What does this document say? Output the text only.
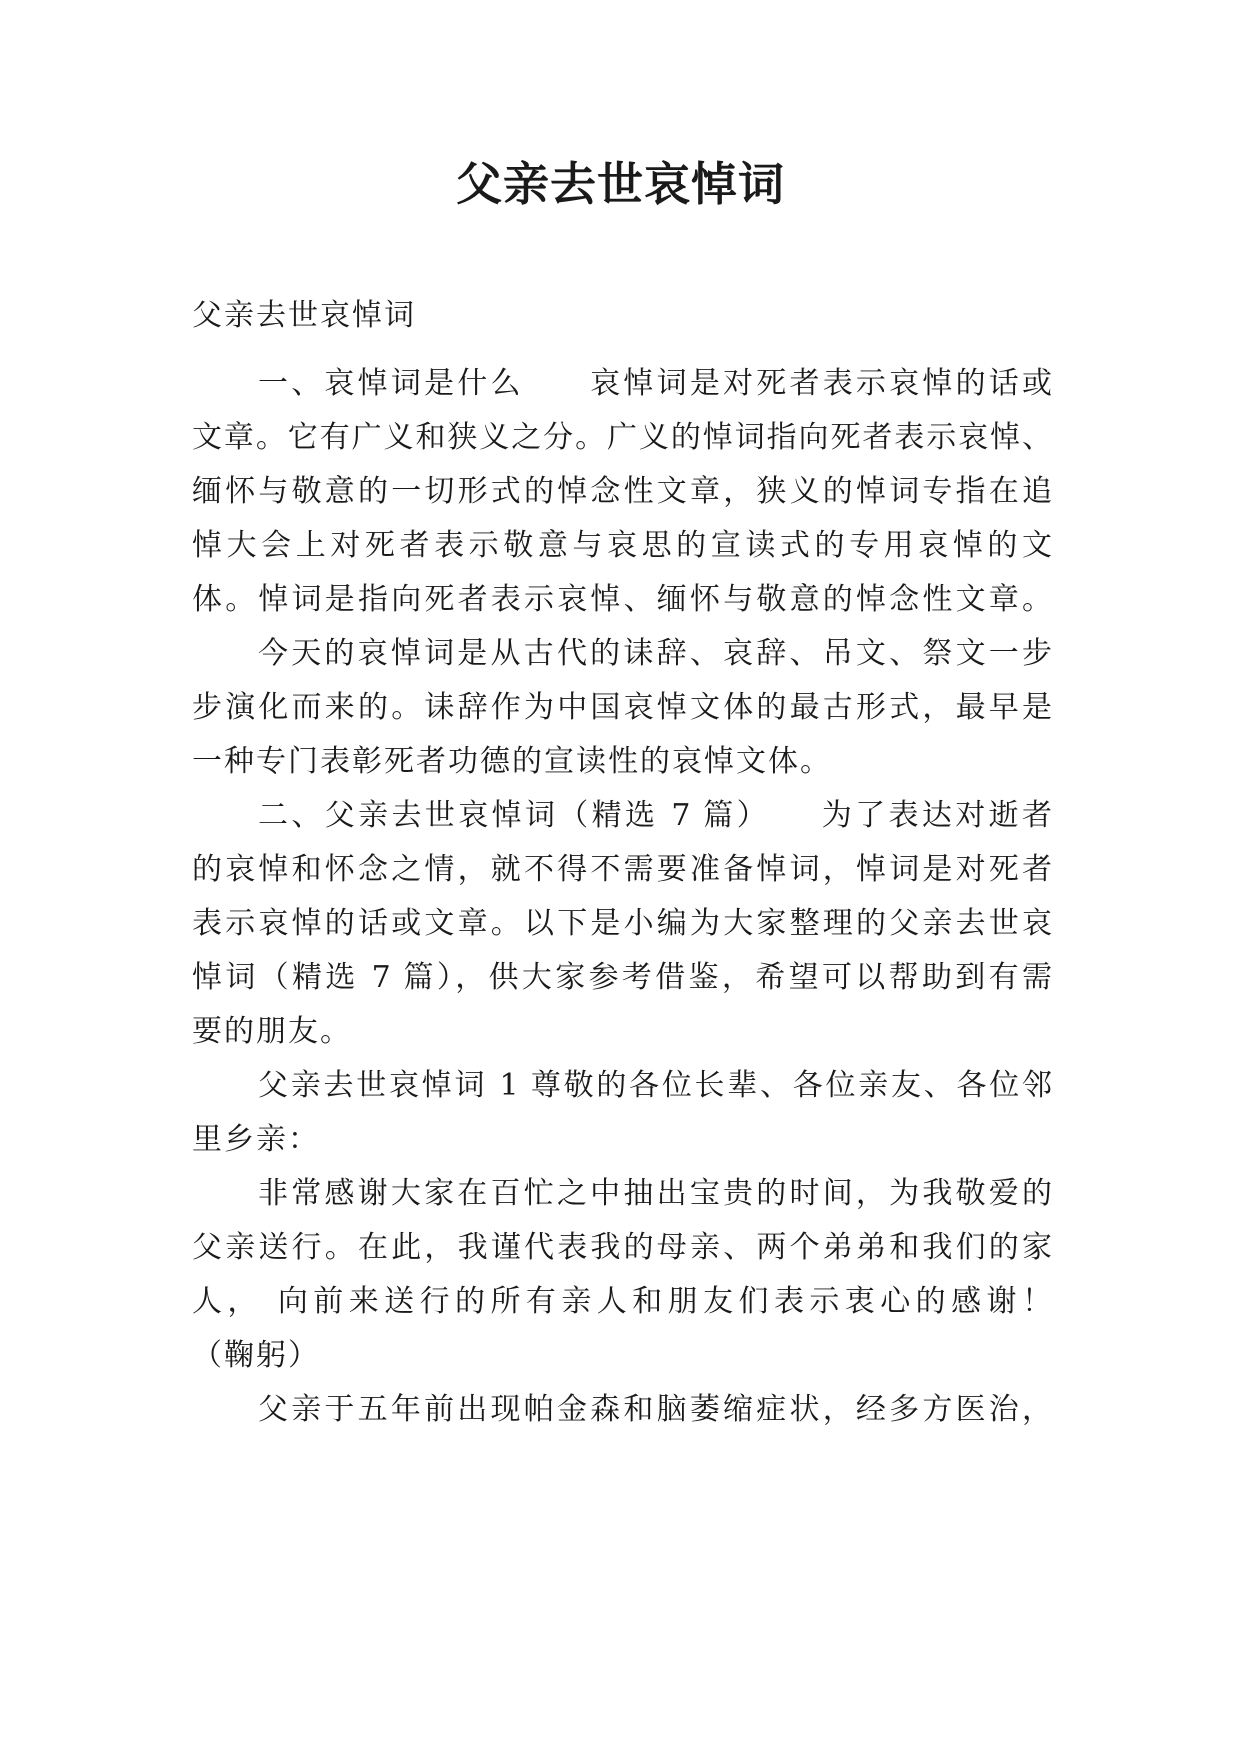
父亲去世哀悼词
父亲去世哀悼词
一、哀悼词是什么　　哀悼词是对死者表示哀悼的话或
文章。它有广义和狭义之分。广义的悼词指向死者表示哀悼、
缅怀与敬意的一切形式的悼念性文章，狭义的悼词专指在追
悼大会上对死者表示敬意与哀思的宣读式的专用哀悼的文
体。悼词是指向死者表示哀悼、缅怀与敬意的悼念性文章。
今天的哀悼词是从古代的诔辞、哀辞、吊文、祭文一步
步演化而来的。诔辞作为中国哀悼文体的最古形式，最早是
一种专门表彰死者功德的宣读性的哀悼文体。
二、父亲去世哀悼词（精选 7 篇）　　为了表达对逝者
的哀悼和怀念之情，就不得不需要准备悼词，悼词是对死者
表示哀悼的话或文章。以下是小编为大家整理的父亲去世哀
悼词（精选 7 篇），供大家参考借鉴，希望可以帮助到有需
要的朋友。
父亲去世哀悼词 1 尊敬的各位长辈、各位亲友、各位邻
里乡亲：
非常感谢大家在百忙之中抽出宝贵的时间，为我敬爱的
父亲送行。在此，我谨代表我的母亲、两个弟弟和我们的家
人， 向前来送行的所有亲人和朋友们表示衷心的感谢！
（鞠躬）
父亲于五年前出现帕金森和脑萎缩症状，经多方医治，
